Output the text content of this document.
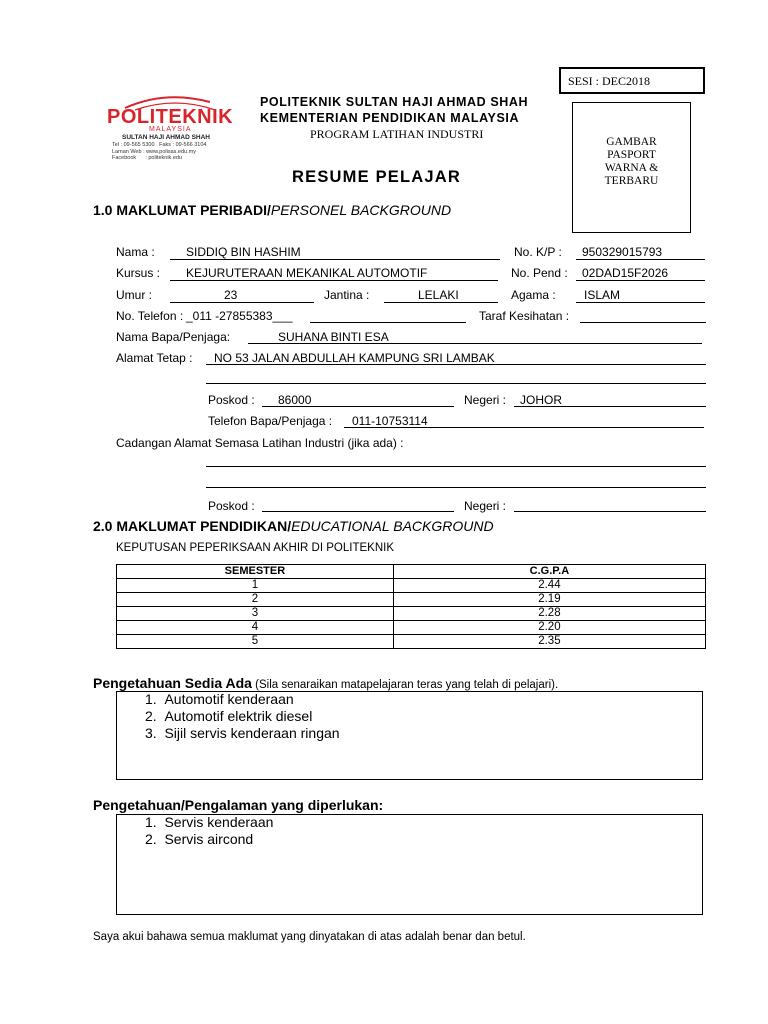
SESI : DEC2018
POLITEKNIK
MALAYSIA
SULTAN HAJI AHMAD SHAH
Tel : 09-565 5300   Faks : 09-566 3104
Laman Web : www.polisas.edu.my
Facebook      : politeknik.edu
POLITEKNIK SULTAN HAJI AHMAD SHAH
KEMENTERIAN PENDIDIKAN MALAYSIA
PROGRAM LATIHAN INDUSTRI
RESUME PELAJAR
GAMBAR
PASPORT
WARNA &
TERBARU
1.0 MAKLUMAT PERIBADI/PERSONEL BACKGROUND
Nama :	SIDDIQ BIN HASHIM	No. K/P : 950329015793
Kursus : KEJURUTERAAN MEKANIKAL AUTOMOTIF	No. Pend : 02DAD15F2026
Umur :	23	Jantina :	LELAKI	Agama : ISLAM
No. Telefon : _011 -27855383___	Taraf Kesihatan :
Nama Bapa/Penjaga:	SUHANA BINTI ESA
Alamat Tetap : NO 53 JALAN ABDULLAH KAMPUNG SRI LAMBAK
Poskod : 86000	Negeri : JOHOR
Telefon Bapa/Penjaga : 011-10753114
Cadangan Alamat Semasa Latihan Industri (jika ada) :
Poskod :	Negeri :
2.0 MAKLUMAT PENDIDIKAN/EDUCATIONAL BACKGROUND
KEPUTUSAN PEPERIKSAAN AKHIR DI POLITEKNIK
SEMESTER	C.G.P.A
1	2.44
2	2.19
3	2.28
4	2.20
5	2.35
Pengetahuan Sedia Ada (Sila senaraikan matapelajaran teras yang telah di pelajari).
1.  Automotif kenderaan
2.  Automotif elektrik diesel
3.  Sijil servis kenderaan ringan
Pengetahuan/Pengalaman yang diperlukan:
1.  Servis kenderaan
2.  Servis aircond
Saya akui bahawa semua maklumat yang dinyatakan di atas adalah benar dan betul.
